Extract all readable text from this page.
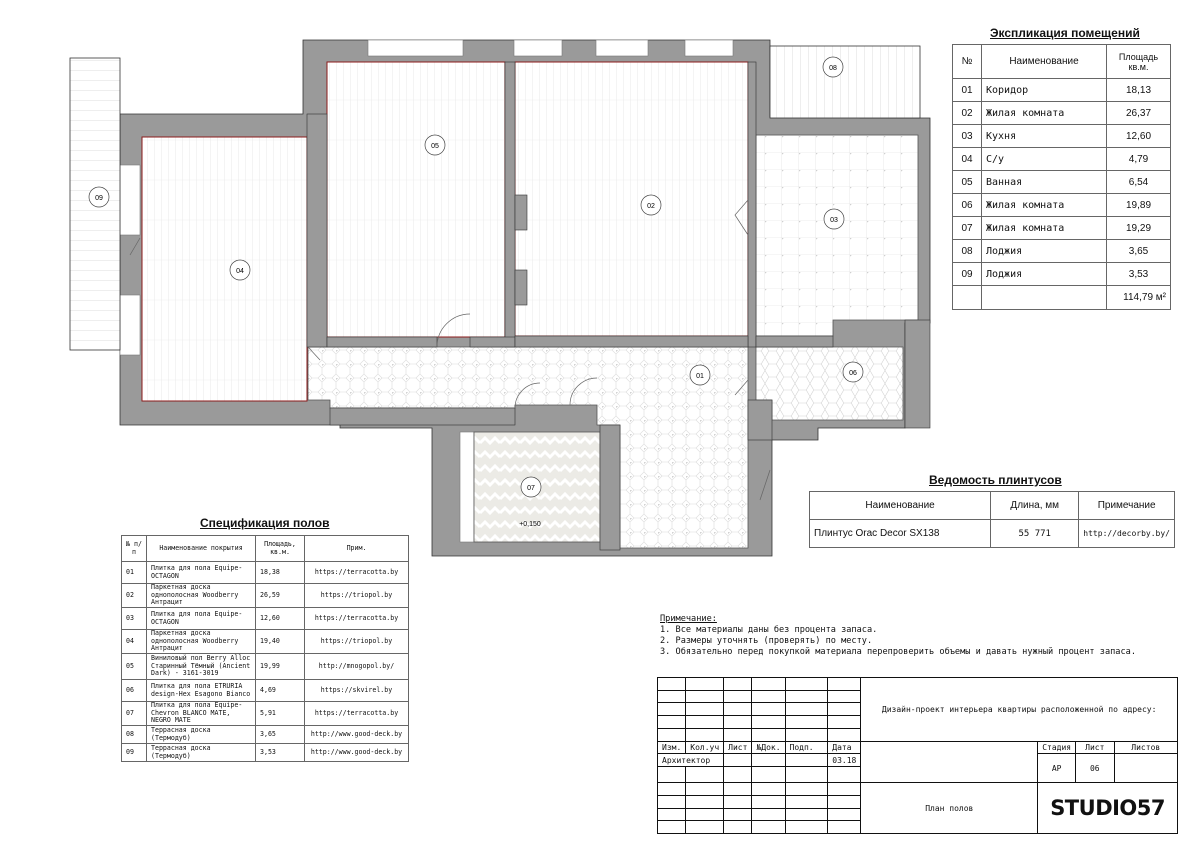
01
02
03
04
05
06
07
08
09
+0,150
Экспликация помещений
№	Наименование	Площадь кв.м.
01	Коридор	18,13
02	Жилая комната	26,37
03	Кухня	12,60
04	С/у	4,79
05	Ванная	6,54
06	Жилая комната	19,89
07	Жилая комната	19,29
08	Лоджия	3,65
09	Лоджия	3,53
		114,79 м²
Ведомость плинтусов
Наименование	Длина, мм	Примечание
Плинтус Orac Decor SX138	55 771	http://decorby.by/
Спецификация полов
№ п/п	Наименование покрытия	Площадь, кв.м.	Прим.
01	Плитка для пола Equipe-OCTAGON	18,38	https://terracotta.by
02	Паркетная доска однополосная Woodberry Антрацит	26,59	https://triopol.by
03	Плитка для пола Equipe-OCTAGON	12,60	https://terracotta.by
04	Паркетная доска однополосная Woodberry Антрацит	19,40	https://triopol.by
05	Виниловый пол Berry Alloc Старинный Тёмный (Ancient Dark) - 3161-3019	19,99	http://mnogopol.by/
06	Плитка для пола ETRURIA design-Hex Esagono Bianco	4,69	https://skvirel.by
07	Плитка для пола Equipe-Chevron BLANCO MATE, NEGRO MATE	5,91	https://terracotta.by
08	Террасная доска (Термодуб)	3,65	http://www.good-deck.by
09	Террасная доска (Термодуб)	3,53	http://www.good-deck.by
Примечание:
1. Все материалы даны без процента запаса.
2. Размеры уточнять (проверять) по месту.
3. Обязательно перед покупкой материала перепроверить объемы и давать нужный процент запаса.
						Дизайн-проект интерьера квартиры расположенной по адресу:			

Изм.	Кол.уч	Лист	№Док.	Подп.	Дата		Стадия	Лист	Листов
Архитектор					03.18		АР	06	

						План полов	STUDIO57		
